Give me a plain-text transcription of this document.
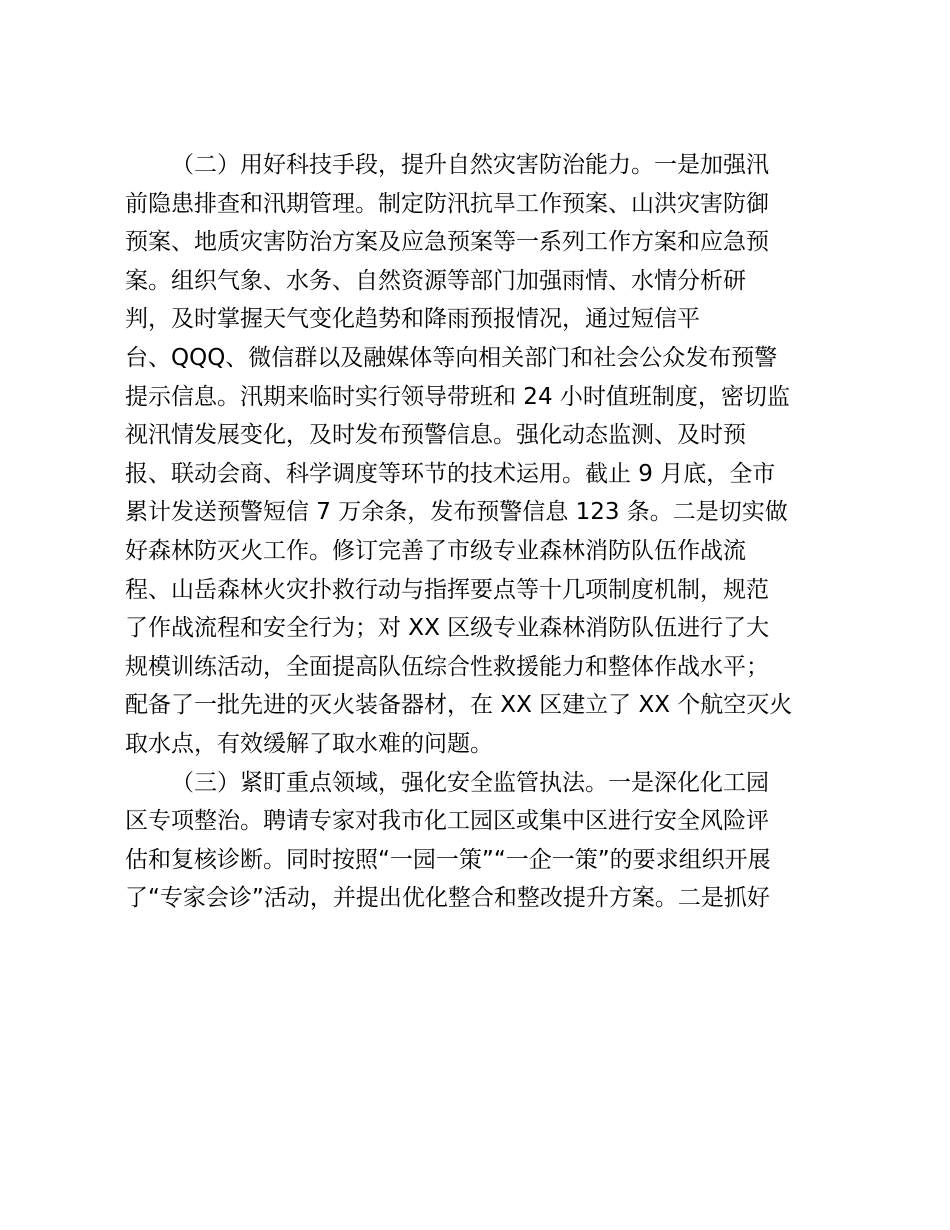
（二）用好科技手段，提升自然灾害防治能力。一是加强汛
前隐患排查和汛期管理。制定防汛抗旱工作预案、山洪灾害防御
预案、地质灾害防治方案及应急预案等一系列工作方案和应急预
案。组织气象、水务、自然资源等部门加强雨情、水情分析研
判，及时掌握天气变化趋势和降雨预报情况，通过短信平
台、QQQ、微信群以及融媒体等向相关部门和社会公众发布预警
提示信息。汛期来临时实行领导带班和 24 小时值班制度，密切监
视汛情发展变化，及时发布预警信息。强化动态监测、及时预
报、联动会商、科学调度等环节的技术运用。截止 9 月底，全市
累计发送预警短信 7 万余条，发布预警信息 123 条。二是切实做
好森林防灭火工作。修订完善了市级专业森林消防队伍作战流
程、山岳森林火灾扑救行动与指挥要点等十几项制度机制，规范
了作战流程和安全行为；对 XX 区级专业森林消防队伍进行了大
规模训练活动，全面提高队伍综合性救援能力和整体作战水平；
配备了一批先进的灭火装备器材，在 XX 区建立了 XX 个航空灭火
取水点，有效缓解了取水难的问题。
（三）紧盯重点领域，强化安全监管执法。一是深化化工园
区专项整治。聘请专家对我市化工园区或集中区进行安全风险评
估和复核诊断。同时按照“一园一策”“一企一策”的要求组织开展
了“专家会诊”活动，并提出优化整合和整改提升方案。二是抓好
